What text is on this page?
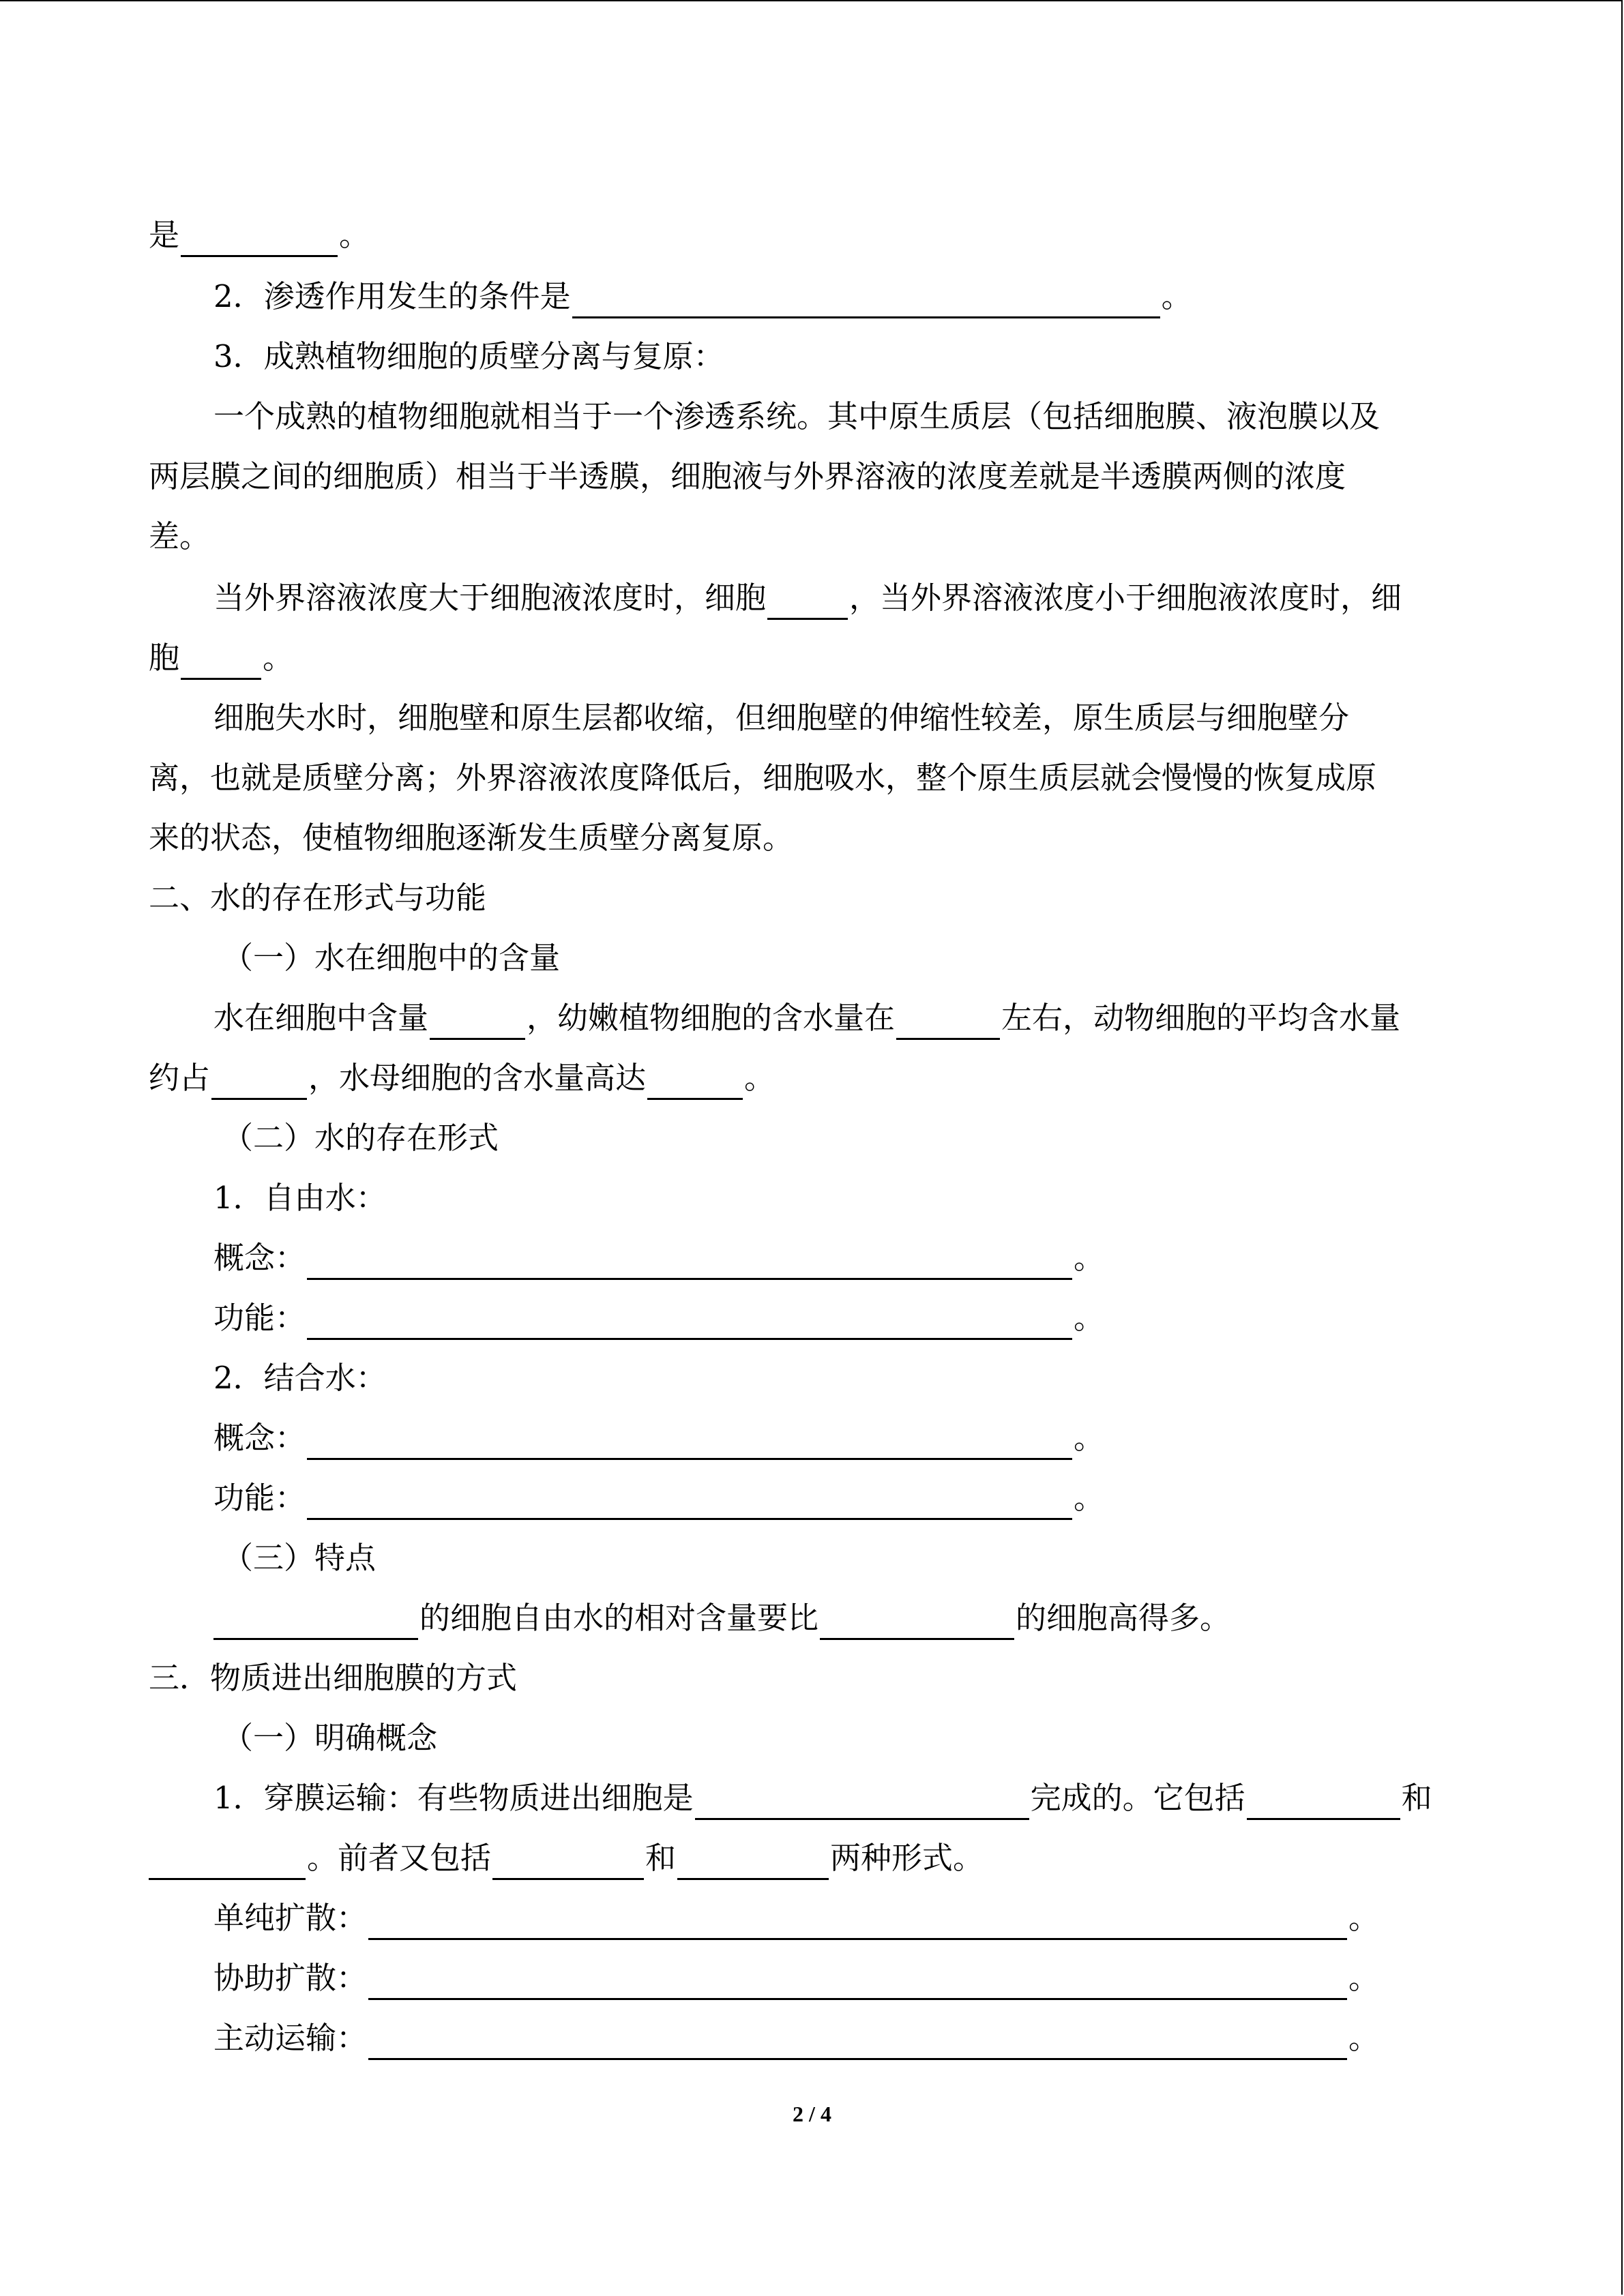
是	。
2．渗透作用发生的条件是	。
3．成熟植物细胞的质壁分离与复原：
一个成熟的植物细胞就相当于一个渗透系统。其中原生质层（包括细胞膜、液泡膜以及
两层膜之间的细胞质）相当于半透膜，细胞液与外界溶液的浓度差就是半透膜两侧的浓度
差。
当外界溶液浓度大于细胞液浓度时，细胞	，当外界溶液浓度小于细胞液浓度时，细
胞	。
细胞失水时，细胞壁和原生层都收缩，但细胞壁的伸缩性较差，原生质层与细胞壁分
离，也就是质壁分离；外界溶液浓度降低后，细胞吸水，整个原生质层就会慢慢的恢复成原
来的状态，使植物细胞逐渐发生质壁分离复原。
二、水的存在形式与功能
（一）水在细胞中的含量
水在细胞中含量	，幼嫩植物细胞的含水量在	左右，动物细胞的平均含水量
约占	，水母细胞的含水量高达	。
（二）水的存在形式
1．自由水：
概念：	。
功能：	。
2．结合水：
概念：	。
功能：	。
（三）特点
的细胞自由水的相对含量要比	的细胞高得多。
三．物质进出细胞膜的方式
（一）明确概念
1．穿膜运输：有些物质进出细胞是	完成的。它包括	和
。前者又包括	和	两种形式。
单纯扩散：	。
协助扩散：	。
主动运输：	。
2 / 4
